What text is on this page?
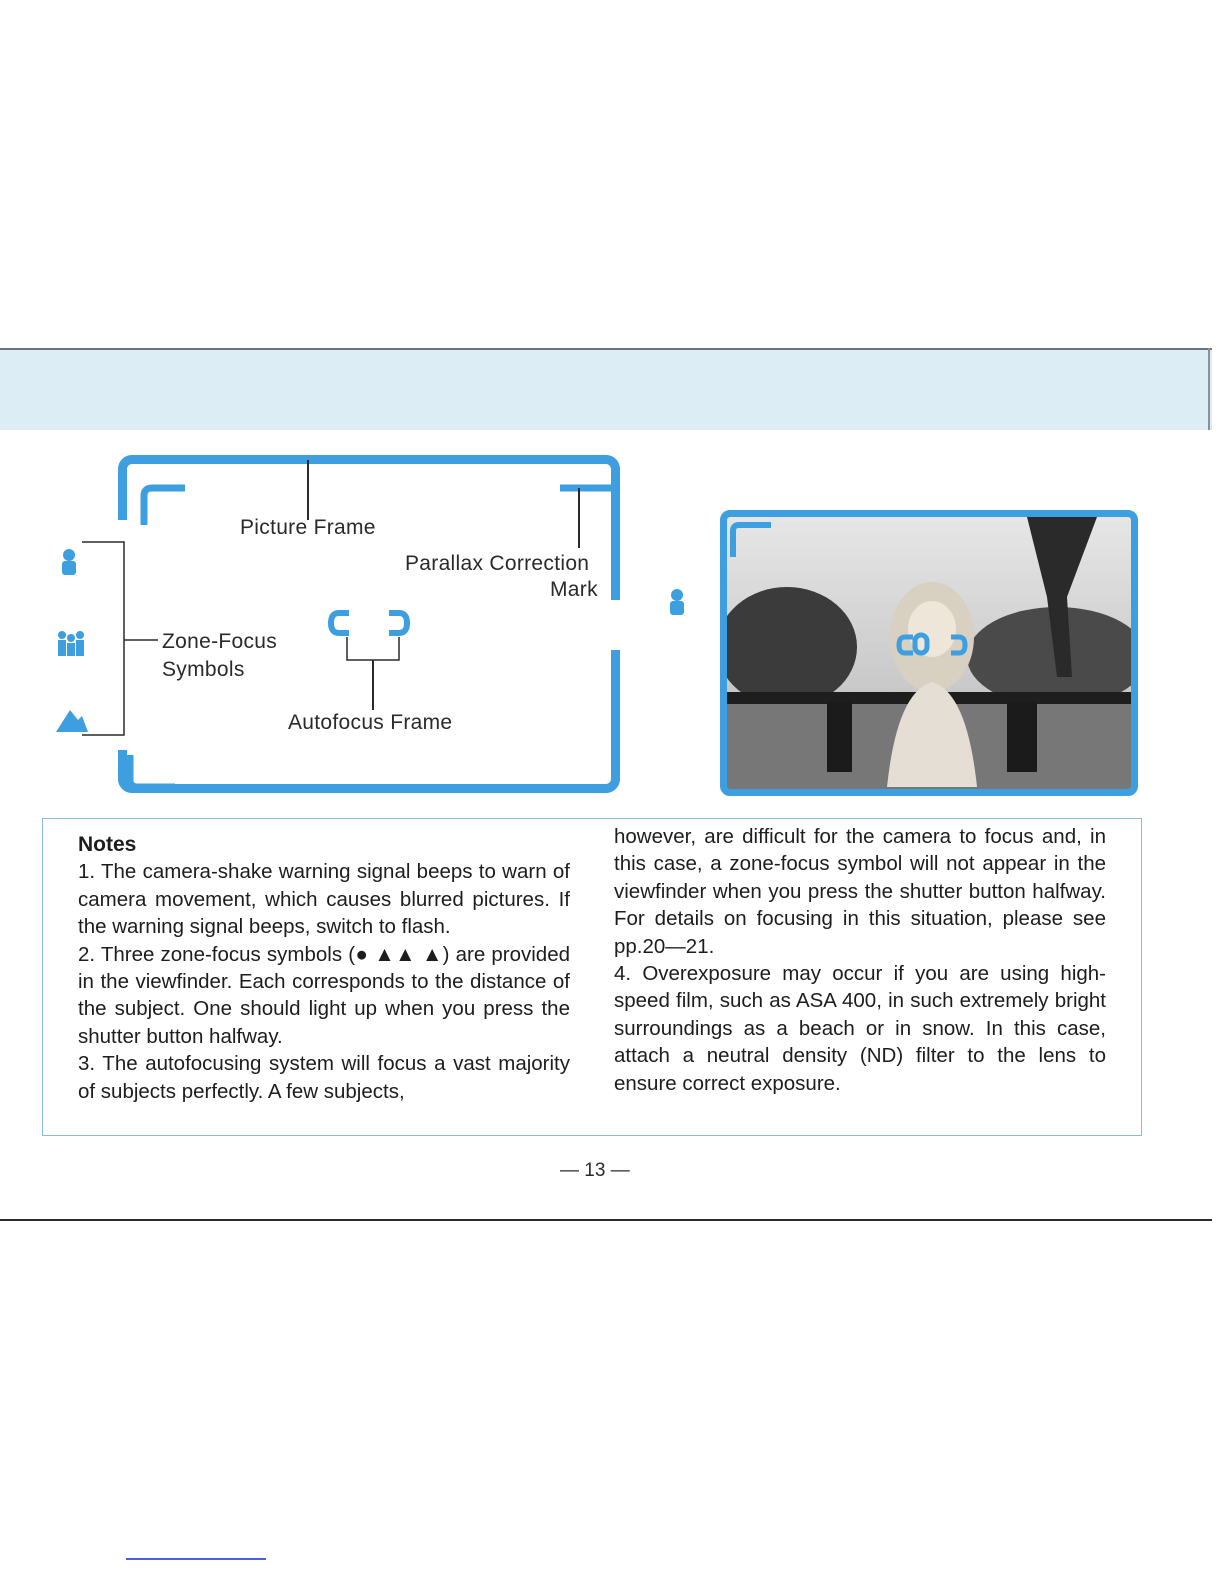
Picture Frame
Parallax Correction
Mark
Autofocus Frame
Zone-Focus
Symbols

Notes

1. The camera-shake warning signal beeps to warn of camera movement, which causes blurred pictures. If the warning signal beeps, switch to flash.

2. Three zone-focus symbols (● ▲▲ ▲) are provided in the viewfinder. Each corresponds to the distance of the subject. One should light up when you press the shutter button halfway.

3. The autofocusing system will focus a vast majority of subjects perfectly. A few subjects,

however, are difficult for the camera to focus and, in this case, a zone-focus symbol will not appear in the viewfinder when you press the shutter button halfway. For details on focusing in this situation, please see pp.20—21.

4. Overexposure may occur if you are using high-speed film, such as ASA 400, in such extremely bright surroundings as a beach or in snow. In this case, attach a neutral density (ND) filter to the lens to ensure correct exposure.

— 13 —
